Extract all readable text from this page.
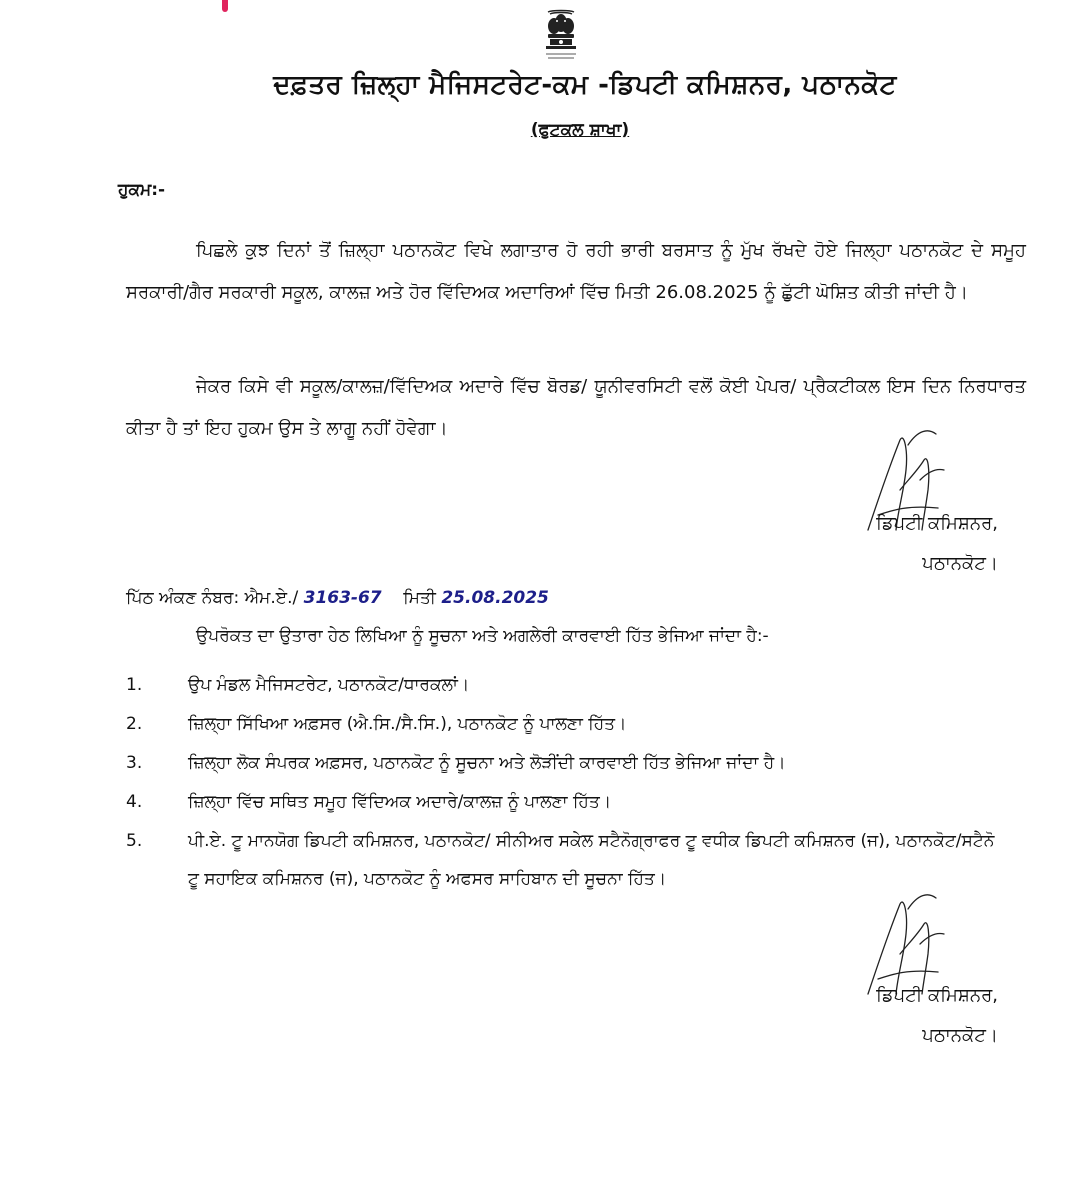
ਦਫ਼ਤਰ ਜ਼ਿਲ੍ਹਾ ਮੈਜਿਸਟਰੇਟ-ਕਮ -ਡਿਪਟੀ ਕਮਿਸ਼ਨਰ, ਪਠਾਨਕੋਟ
(ਫੁਟਕਲ ਸ਼ਾਖਾ)
ਹੁਕਮ:-
ਪਿਛਲੇ ਕੁਝ ਦਿਨਾਂ ਤੋਂ ਜ਼ਿਲ੍ਹਾ ਪਠਾਨਕੋਟ ਵਿਖੇ ਲਗਾਤਾਰ ਹੋ ਰਹੀ ਭਾਰੀ ਬਰਸਾਤ ਨੂੰ ਮੁੱਖ ਰੱਖਦੇ ਹੋਏ ਜਿਲ੍ਹਾ ਪਠਾਨਕੋਟ ਦੇ ਸਮੂਹ ਸਰਕਾਰੀ/ਗੈਰ ਸਰਕਾਰੀ ਸਕੂਲ, ਕਾਲਜ਼ ਅਤੇ ਹੋਰ ਵਿੱਦਿਅਕ ਅਦਾਰਿਆਂ ਵਿੱਚ ਮਿਤੀ 26.08.2025 ਨੂੰ ਛੁੱਟੀ ਘੋਸ਼ਿਤ ਕੀਤੀ ਜਾਂਦੀ ਹੈ।
ਜੇਕਰ ਕਿਸੇ ਵੀ ਸਕੂਲ/ਕਾਲਜ਼/ਵਿੱਦਿਅਕ ਅਦਾਰੇ ਵਿੱਚ ਬੋਰਡ/ ਯੂਨੀਵਰਸਿਟੀ ਵਲੋਂ ਕੋਈ ਪੇਪਰ/ ਪ੍ਰੈਕਟੀਕਲ ਇਸ ਦਿਨ ਨਿਰਧਾਰਤ ਕੀਤਾ ਹੈ ਤਾਂ ਇਹ ਹੁਕਮ ਉਸ ਤੇ ਲਾਗੂ ਨਹੀਂ ਹੋਵੇਗਾ।
ਡਿਪਟੀ ਕਮਿਸ਼ਨਰ,
ਪਠਾਨਕੋਟ।
ਪਿੱਠ ਅੰਕਣ ਨੰਬਰ: ਐਮ.ਏ./ 3163-67 ਮਿਤੀ 25.08.2025
ਉਪਰੋਕਤ ਦਾ ਉਤਾਰਾ ਹੇਠ ਲਿਖਿਆ ਨੂੰ ਸੂਚਨਾ ਅਤੇ ਅਗਲੇਰੀ ਕਾਰਵਾਈ ਹਿੱਤ ਭੇਜਿਆ ਜਾਂਦਾ ਹੈ:-
1.	ਉਪ ਮੰਡਲ ਮੈਜਿਸਟਰੇਟ, ਪਠਾਨਕੋਟ/ਧਾਰਕਲਾਂ।
2.	ਜ਼ਿਲ੍ਹਾ ਸਿੱਖਿਆ ਅਫ਼ਸਰ (ਐ.ਸਿ./ਸੈ.ਸਿ.), ਪਠਾਨਕੋਟ ਨੂੰ ਪਾਲਣਾ ਹਿੱਤ।
3.	ਜ਼ਿਲ੍ਹਾ ਲੋਕ ਸੰਪਰਕ ਅਫ਼ਸਰ, ਪਠਾਨਕੋਟ ਨੂੰ ਸੂਚਨਾ ਅਤੇ ਲੋੜੀਂਦੀ ਕਾਰਵਾਈ ਹਿੱਤ ਭੇਜਿਆ ਜਾਂਦਾ ਹੈ।
4.	ਜ਼ਿਲ੍ਹਾ ਵਿੱਚ ਸਥਿਤ ਸਮੂਹ ਵਿੱਦਿਅਕ ਅਦਾਰੇ/ਕਾਲਜ਼ ਨੂੰ ਪਾਲਣਾ ਹਿੱਤ।
5.	ਪੀ.ਏ. ਟੂ ਮਾਨਯੋਗ ਡਿਪਟੀ ਕਮਿਸ਼ਨਰ, ਪਠਾਨਕੋਟ/ ਸੀਨੀਅਰ ਸਕੇਲ ਸਟੈਨੋਗ੍ਰਾਫਰ ਟੂ ਵਧੀਕ ਡਿਪਟੀ ਕਮਿਸ਼ਨਰ (ਜ), ਪਠਾਨਕੋਟ/ਸਟੈਨੋ ਟੂ ਸਹਾਇਕ ਕਮਿਸ਼ਨਰ (ਜ), ਪਠਾਨਕੋਟ ਨੂੰ ਅਫਸਰ ਸਾਹਿਬਾਨ ਦੀ ਸੂਚਨਾ ਹਿੱਤ।
ਡਿਪਟੀ ਕਮਿਸ਼ਨਰ,
ਪਠਾਨਕੋਟ।
